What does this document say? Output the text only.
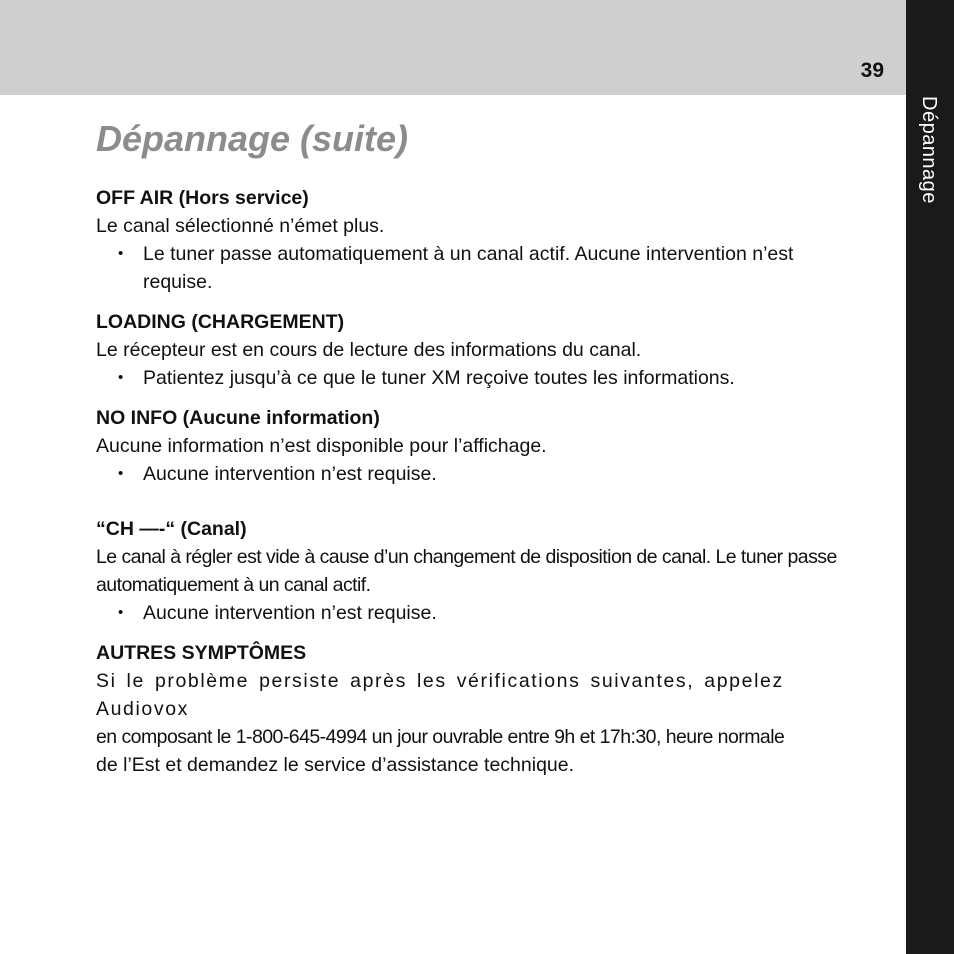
39
Dépannage
Dépannage (suite)
OFF AIR (Hors service)

Le canal sélectionné n’émet plus.

• Le tuner passe automatiquement à un canal actif. Aucune intervention n’est requise.
LOADING (CHARGEMENT)

Le récepteur est en cours de lecture des informations du canal.

• Patientez jusqu’à ce que le tuner XM reçoive toutes les informations.
NO INFO (Aucune information)

Aucune information n’est disponible pour l’affichage.

• Aucune intervention n’est requise.
“CH —-“ (Canal)

Le canal à régler est vide à cause d’un changement de disposition de canal. Le tuner passe automatiquement à un canal actif.

• Aucune intervention n’est requise.
AUTRES SYMPTÔMES

Si le problème persiste après les vérifications suivantes, appelez Audiovox

en composant le 1-800-645-4994 un jour ouvrable entre 9h et 17h:30, heure normale

de l’Est et demandez le service d’assistance technique.
